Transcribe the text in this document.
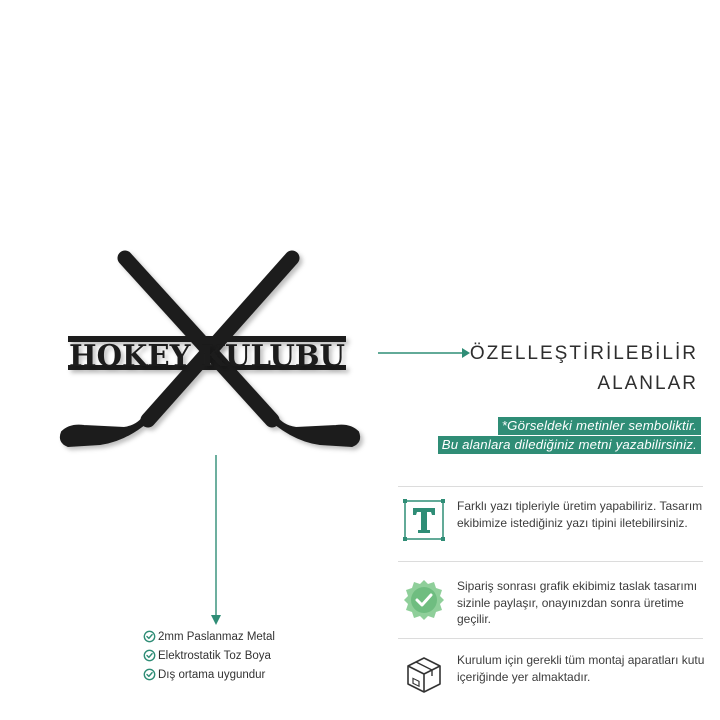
HOKEY KULUBU	ÖZELLEŞTİRİLEBİLİR
ALANLAR
*Görseldeki metinler semboliktir.
Bu alanlara dilediğiniz metni yazabilirsiniz.
Farklı yazı tipleriyle üretim yapabiliriz. Tasarım ekibimize istediğiniz yazı tipini iletebilirsiniz.
Sipariş sonrası grafik ekibimiz taslak tasarımı sizinle paylaşır, onayınızdan sonra üretime geçilir.
Kurulum için gerekli tüm montaj aparatları kutu içeriğinde yer almaktadır.
2mm Paslanmaz Metal
Elektrostatik Toz Boya
Dış ortama uygundur
